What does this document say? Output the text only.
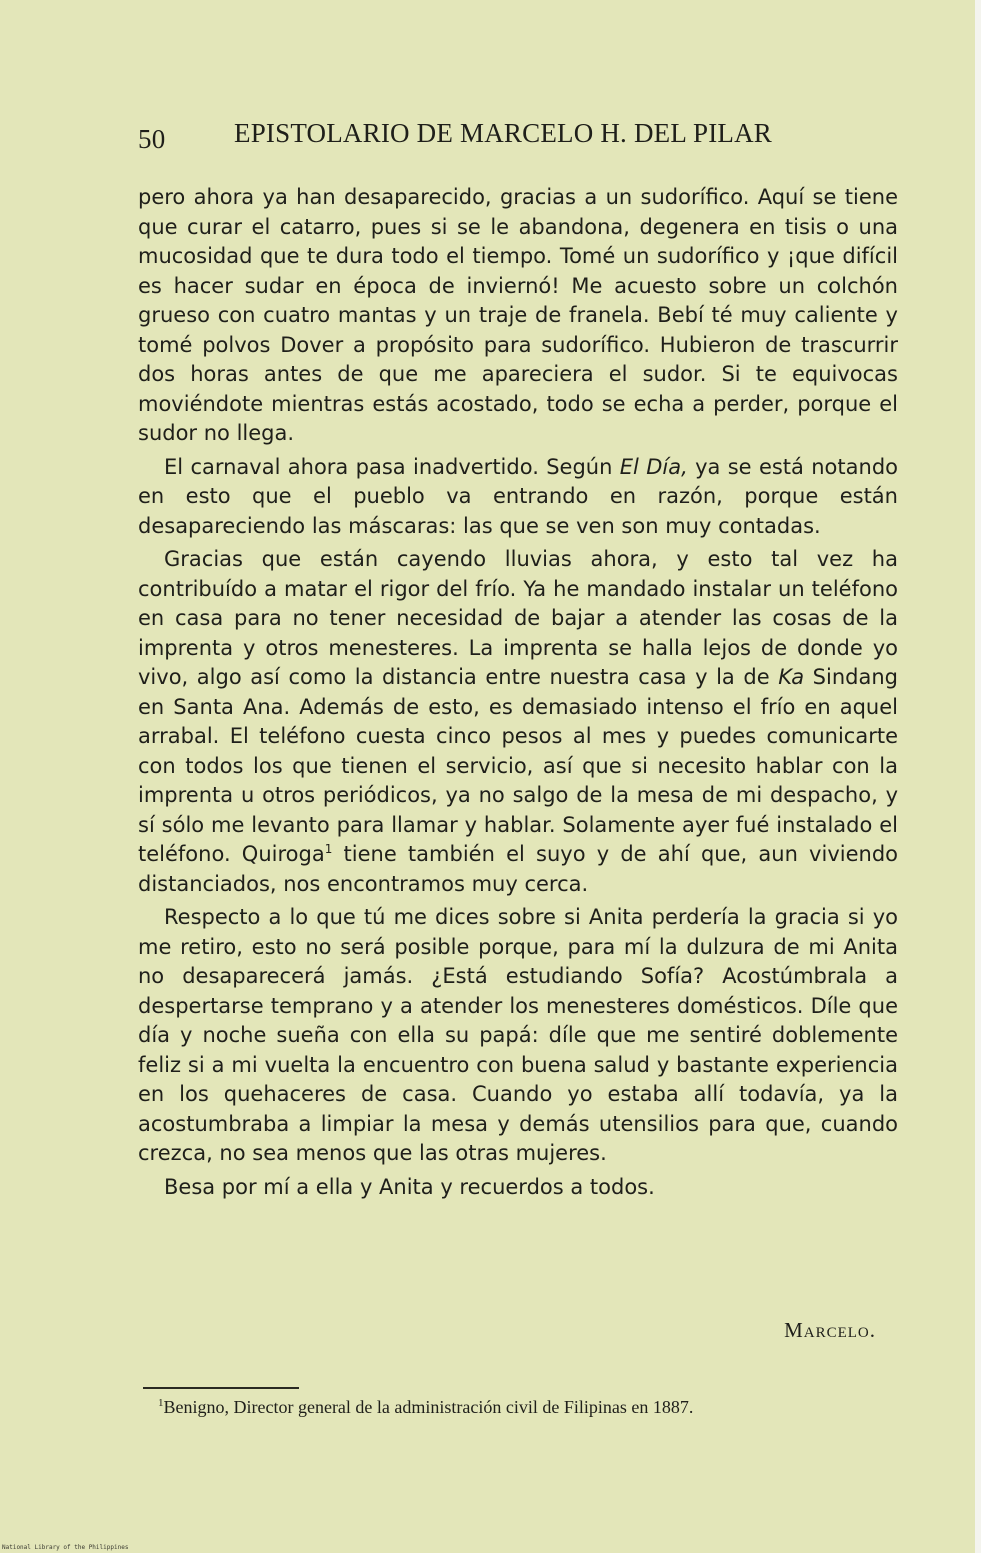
50	EPISTOLARIO DE MARCELO H. DEL PILAR

pero ahora ya han desaparecido, gracias a un sudorífico. Aquí se tiene que curar el catarro, pues si se le abandona, degenera en tisis o una mucosidad que te dura todo el tiempo. Tomé un sudorífico y ¡que difícil es hacer sudar en época de inviernó! Me acuesto sobre un colchón grueso con cuatro mantas y un traje de franela. Bebí té muy caliente y tomé polvos Dover a propósito para sudorífico. Hubieron de trascurrir dos horas antes de que me apareciera el sudor. Si te equivocas moviéndote mientras estás acostado, todo se echa a perder, porque el sudor no llega.

El carnaval ahora pasa inadvertido. Según El Día, ya se está notando en esto que el pueblo va entrando en razón, porque están desapareciendo las máscaras: las que se ven son muy contadas.

Gracias que están cayendo lluvias ahora, y esto tal vez ha contribuído a matar el rigor del frío. Ya he mandado instalar un teléfono en casa para no tener necesidad de bajar a atender las cosas de la imprenta y otros menesteres. La imprenta se halla lejos de donde yo vivo, algo así como la distancia entre nuestra casa y la de Ka Sindang en Santa Ana. Además de esto, es demasiado intenso el frío en aquel arrabal. El teléfono cuesta cinco pesos al mes y puedes comunicarte con todos los que tienen el servicio, así que si necesito hablar con la imprenta u otros periódicos, ya no salgo de la mesa de mi despacho, y sí sólo me levanto para llamar y hablar. Solamente ayer fué instalado el teléfono. Quiroga$^1$ tiene también el suyo y de ahí que, aun viviendo distanciados, nos encontramos muy cerca.

Respecto a lo que tú me dices sobre si Anita perdería la gracia si yo me retiro, esto no será posible porque, para mí la dulzura de mi Anita no desaparecerá jamás. ¿Está estudiando Sofía? Acostúmbrala a despertarse temprano y a atender los menesteres domésticos. Díle que día y noche sueña con ella su papá: díle que me sentiré doblemente feliz si a mi vuelta la encuentro con buena salud y bastante experiencia en los quehaceres de casa. Cuando yo estaba allí todavía, ya la acostumbraba a limpiar la mesa y demás utensilios para que, cuando crezca, no sea menos que las otras mujeres.

Besa por mí a ella y Anita y recuerdos a todos.

Marcelo.
$^1$Benigno, Director general de la administración civil de Filipinas en 1887.
National Library of the Philippines
